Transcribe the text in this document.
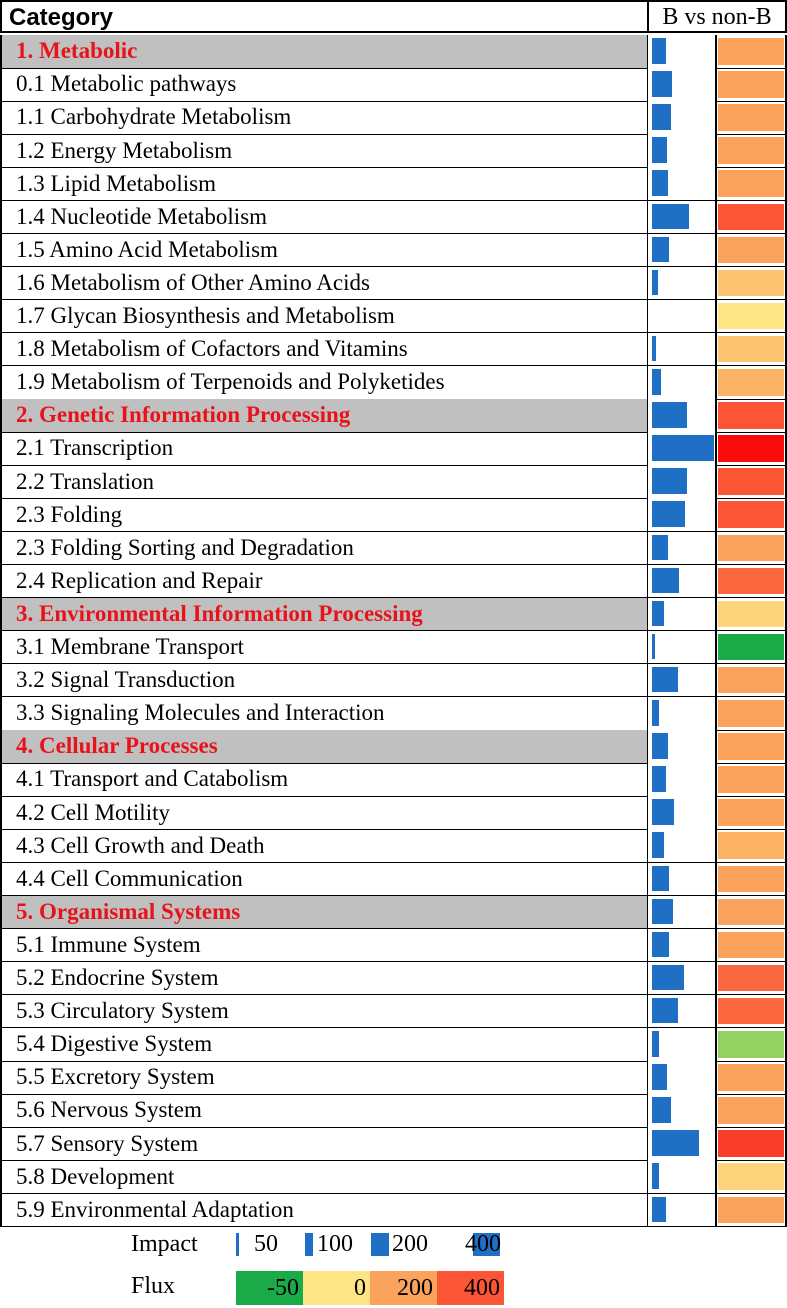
Category	B vs non-B
1. Metabolic
0.1 Metabolic pathways
1.1 Carbohydrate Metabolism
1.2 Energy Metabolism
1.3 Lipid Metabolism
1.4 Nucleotide Metabolism
1.5 Amino Acid Metabolism
1.6 Metabolism of Other Amino Acids
1.7 Glycan Biosynthesis and Metabolism
1.8 Metabolism of Cofactors and Vitamins
1.9 Metabolism of Terpenoids and Polyketides
2. Genetic Information Processing
2.1 Transcription
2.2 Translation
2.3 Folding
2.3 Folding Sorting and Degradation
2.4 Replication and Repair
3. Environmental Information Processing
3.1 Membrane Transport
3.2 Signal Transduction
3.3 Signaling Molecules and Interaction
4. Cellular Processes
4.1 Transport and Catabolism
4.2 Cell Motility
4.3 Cell Growth and Death
4.4 Cell Communication
5. Organismal Systems
5.1 Immune System
5.2 Endocrine System
5.3 Circulatory System
5.4 Digestive System
5.5 Excretory System
5.6 Nervous System
5.7 Sensory System
5.8 Development
5.9 Environmental Adaptation
Impact
Flux
50 100 200 400
-50	0	200	400
